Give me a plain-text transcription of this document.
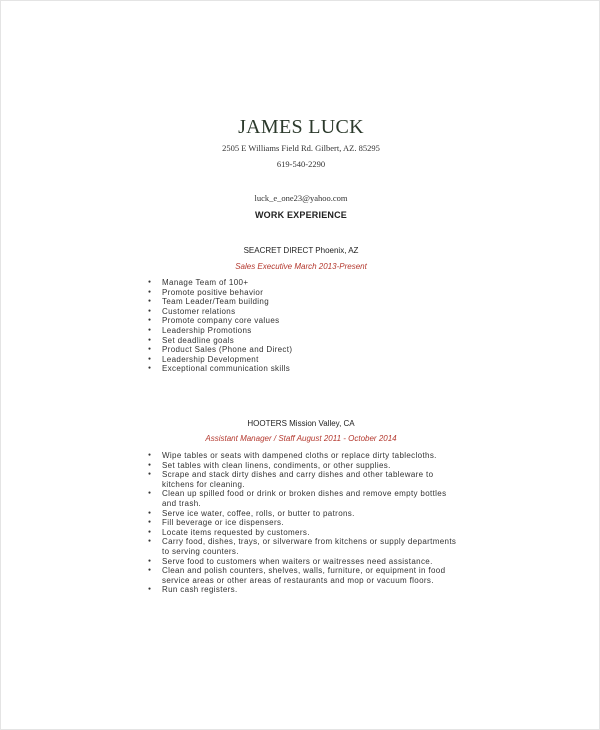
JAMES LUCK
2505 E Williams Field Rd. Gilbert, AZ. 85295
619-540-2290
luck_e_one23@yahoo.com
WORK EXPERIENCE
SEACRET DIRECT Phoenix, AZ
Sales Executive March 2013-Present
● Manage Team of 100+
● Promote positive behavior
● Team Leader/Team building
● Customer relations
● Promote company core values
● Leadership Promotions
● Set deadline goals
● Product Sales (Phone and Direct)
● Leadership Development
● Exceptional communication skills
HOOTERS Mission Valley, CA
Assistant Manager / Staff August 2011 - October 2014
● Wipe tables or seats with dampened cloths or replace dirty tablecloths.
● Set tables with clean linens, condiments, or other supplies.
● Scrape and stack dirty dishes and carry dishes and other tableware to kitchens for cleaning.
● Clean up spilled food or drink or broken dishes and remove empty bottles and trash.
● Serve ice water, coffee, rolls, or butter to patrons.
● Fill beverage or ice dispensers.
● Locate items requested by customers.
● Carry food, dishes, trays, or silverware from kitchens or supply departments to serving counters.
● Serve food to customers when waiters or waitresses need assistance.
● Clean and polish counters, shelves, walls, furniture, or equipment in food service areas or other areas of restaurants and mop or vacuum floors.
● Run cash registers.
